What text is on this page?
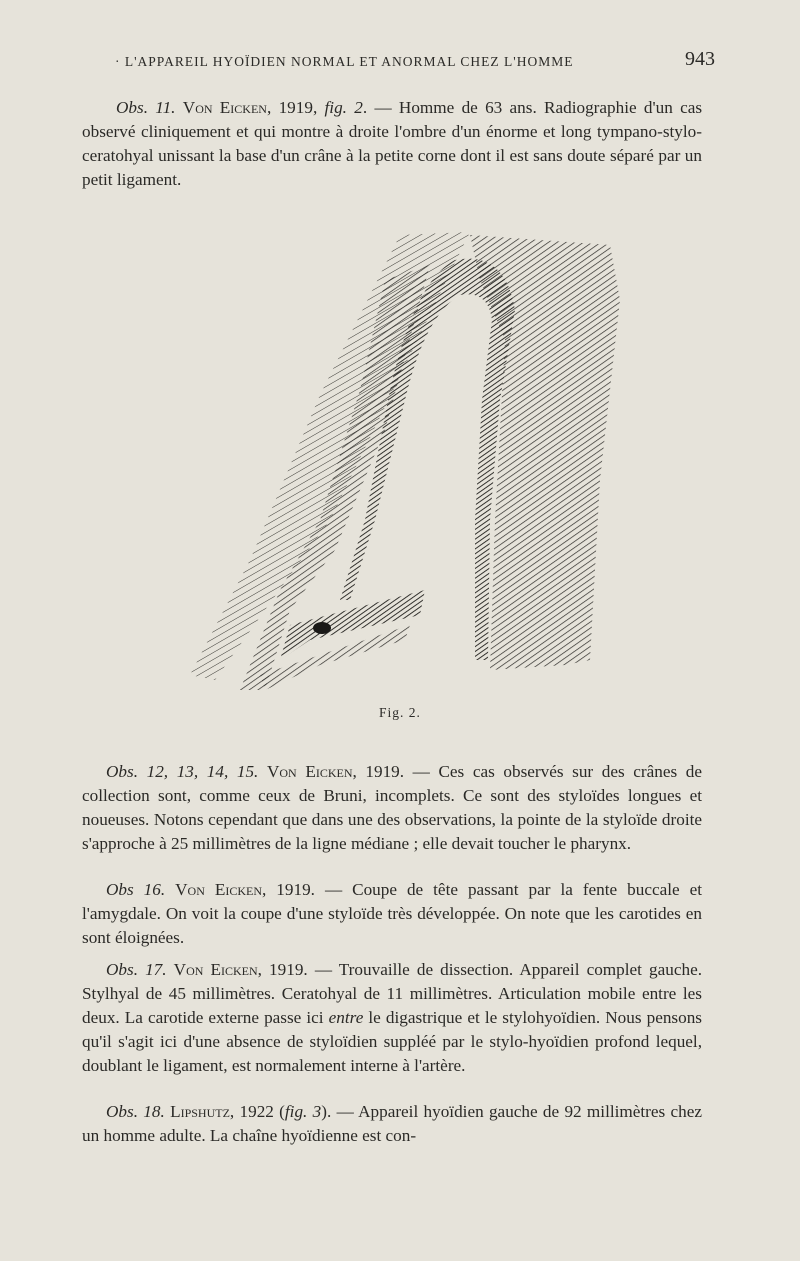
· L'APPAREIL HYOÏDIEN NORMAL ET ANORMAL CHEZ L'HOMME	943

Obs. 11. Von Eicken, 1919, fig. 2. — Homme de 63 ans. Radiographie d'un cas observé cliniquement et qui montre à droite l'ombre d'un énorme et long tympano-stylo-ceratohyal unissant la base d'un crâne à la petite corne dont il est sans doute séparé par un petit ligament.

Fig. 2.

Obs. 12, 13, 14, 15. Von Eicken, 1919. — Ces cas observés sur des crânes de collection sont, comme ceux de Bruni, incomplets. Ce sont des styloïdes longues et noueuses. Notons cependant que dans une des observations, la pointe de la styloïde droite s'approche à 25 millimètres de la ligne médiane ; elle devait toucher le pharynx.

Obs 16. Von Eicken, 1919. — Coupe de tête passant par la fente buccale et l'amygdale. On voit la coupe d'une styloïde très développée. On note que les carotides en sont éloignées.

Obs. 17. Von Eicken, 1919. — Trouvaille de dissection. Appareil complet gauche. Stylhyal de 45 millimètres. Ceratohyal de 11 millimètres. Articulation mobile entre les deux. La carotide externe passe ici entre le digastrique et le stylohyoïdien. Nous pensons qu'il s'agit ici d'une absence de styloïdien suppléé par le stylo-hyoïdien profond lequel, doublant le ligament, est normalement interne à l'artère.

Obs. 18. Lipshutz, 1922 (fig. 3). — Appareil hyoïdien gauche de 92 millimètres chez un homme adulte. La chaîne hyoïdienne est con-
